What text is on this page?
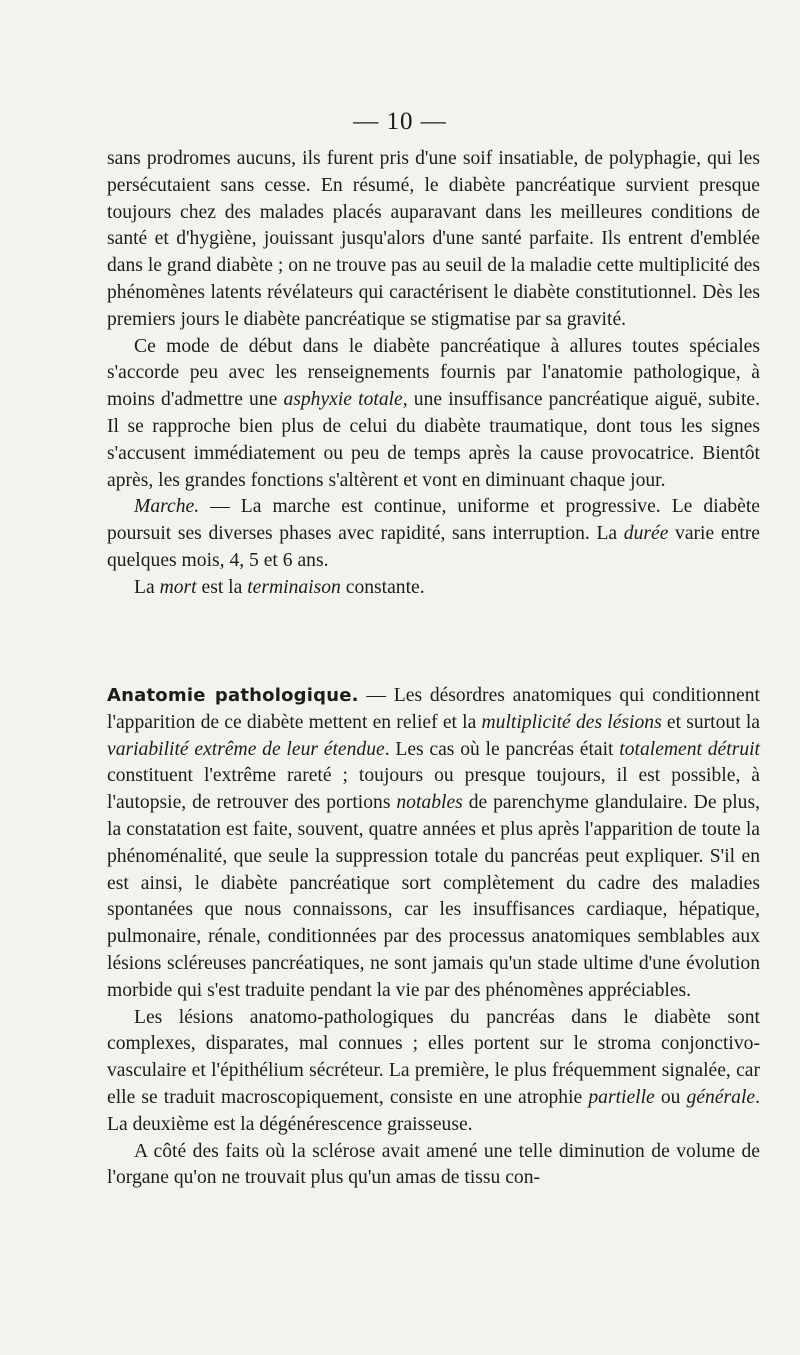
— 10 —

sans prodromes aucuns, ils furent pris d'une soif insatiable, de polyphagie, qui les persécutaient sans cesse. En résumé, le diabète pancréatique survient presque toujours chez des malades placés auparavant dans les meilleures conditions de santé et d'hygiène, jouissant jusqu'alors d'une santé parfaite. Ils entrent d'emblée dans le grand diabète ; on ne trouve pas au seuil de la maladie cette multiplicité des phénomènes latents révélateurs qui caractérisent le diabète constitutionnel. Dès les premiers jours le diabète pancréatique se stigmatise par sa gravité.

Ce mode de début dans le diabète pancréatique à allures toutes spéciales s'accorde peu avec les renseignements fournis par l'anatomie pathologique, à moins d'admettre une asphyxie totale, une insuffisance pancréatique aiguë, subite. Il se rapproche bien plus de celui du diabète traumatique, dont tous les signes s'accusent immédiatement ou peu de temps après la cause provocatrice. Bientôt après, les grandes fonctions s'altèrent et vont en diminuant chaque jour.

Marche. — La marche est continue, uniforme et progressive. Le diabète poursuit ses diverses phases avec rapidité, sans interruption. La durée varie entre quelques mois, 4, 5 et 6 ans.

La mort est la terminaison constante.

Anatomie pathologique. — Les désordres anatomiques qui conditionnent l'apparition de ce diabète mettent en relief et la multiplicité des lésions et surtout la variabilité extrême de leur étendue. Les cas où le pancréas était totalement détruit constituent l'extrême rareté ; toujours ou presque toujours, il est possible, à l'autopsie, de retrouver des portions notables de parenchyme glandulaire. De plus, la constatation est faite, souvent, quatre années et plus après l'apparition de toute la phénoménalité, que seule la suppression totale du pancréas peut expliquer. S'il en est ainsi, le diabète pancréatique sort complètement du cadre des maladies spontanées que nous connaissons, car les insuffisances cardiaque, hépatique, pulmonaire, rénale, conditionnées par des processus anatomiques semblables aux lésions scléreuses pancréatiques, ne sont jamais qu'un stade ultime d'une évolution morbide qui s'est traduite pendant la vie par des phénomènes appréciables.

Les lésions anatomo-pathologiques du pancréas dans le diabète sont complexes, disparates, mal connues ; elles portent sur le stroma conjonctivo-vasculaire et l'épithélium sécréteur. La première, le plus fréquemment signalée, car elle se traduit macroscopiquement, consiste en une atrophie partielle ou générale. La deuxième est la dégénérescence graisseuse.

A côté des faits où la sclérose avait amené une telle diminution de volume de l'organe qu'on ne trouvait plus qu'un amas de tissu con-
